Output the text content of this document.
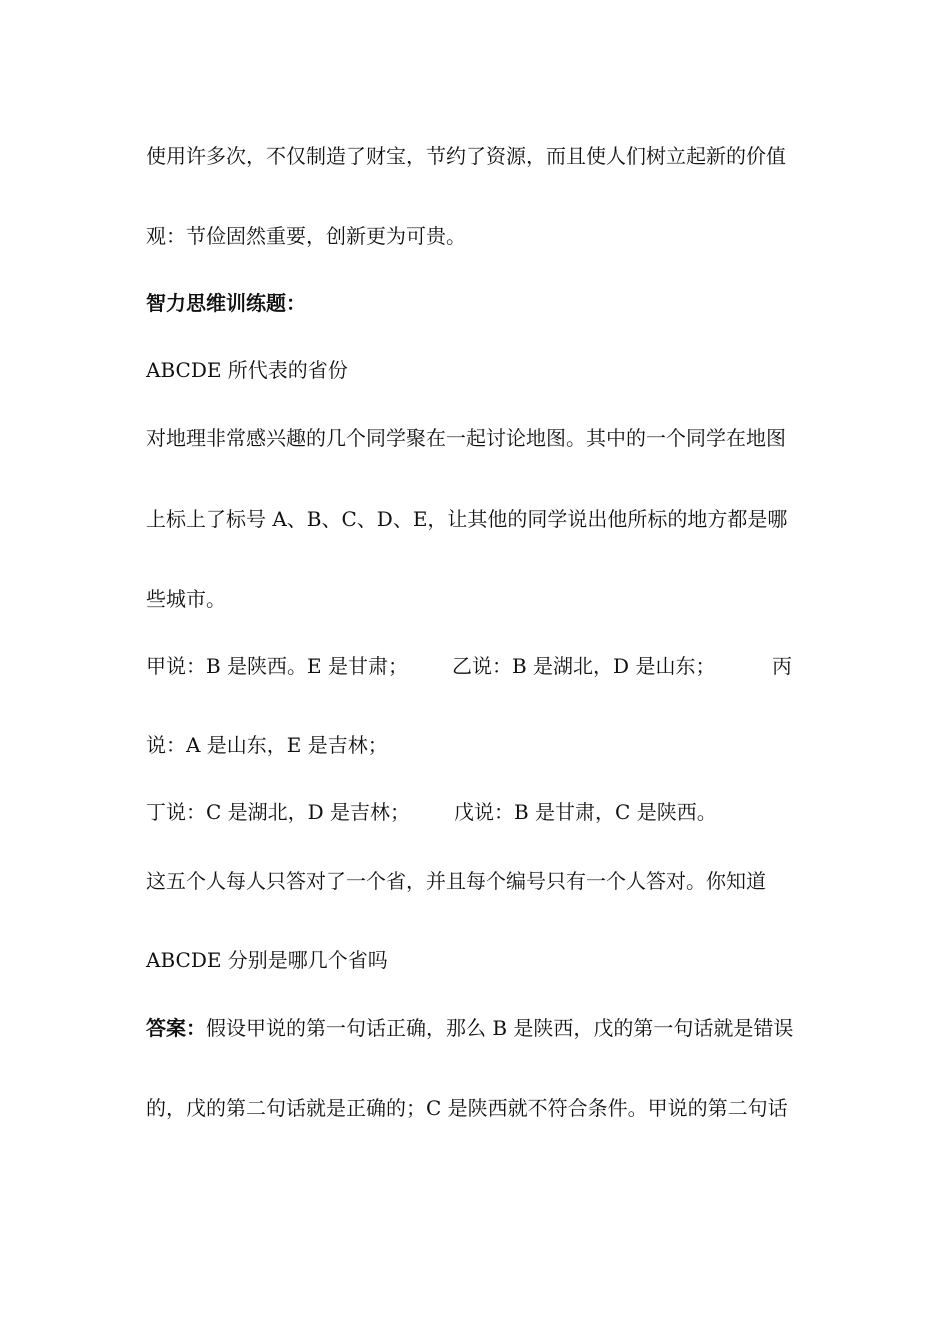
使用许多次，不仅制造了财宝，节约了资源，而且使人们树立起新的价值
观：节俭固然重要，创新更为可贵。
智力思维训练题：
ABCDE 所代表的省份
对地理非常感兴趣的几个同学聚在一起讨论地图。其中的一个同学在地图
上标上了标号 A、B、C、D、E，让其他的同学说出他所标的地方都是哪
些城市。
甲说：B 是陕西。E 是甘肃； 乙说：B 是湖北，D 是山东；	丙
说：A 是山东，E 是吉林；
丁说：C 是湖北，D 是吉林； 戊说：B 是甘肃，C 是陕西。
这五个人每人只答对了一个省，并且每个编号只有一个人答对。你知道
ABCDE 分别是哪几个省吗
答案：假设甲说的第一句话正确，那么 B 是陕西，戊的第一句话就是错误
的，戊的第二句话就是正确的；C 是陕西就不符合条件。甲说的第二句话
